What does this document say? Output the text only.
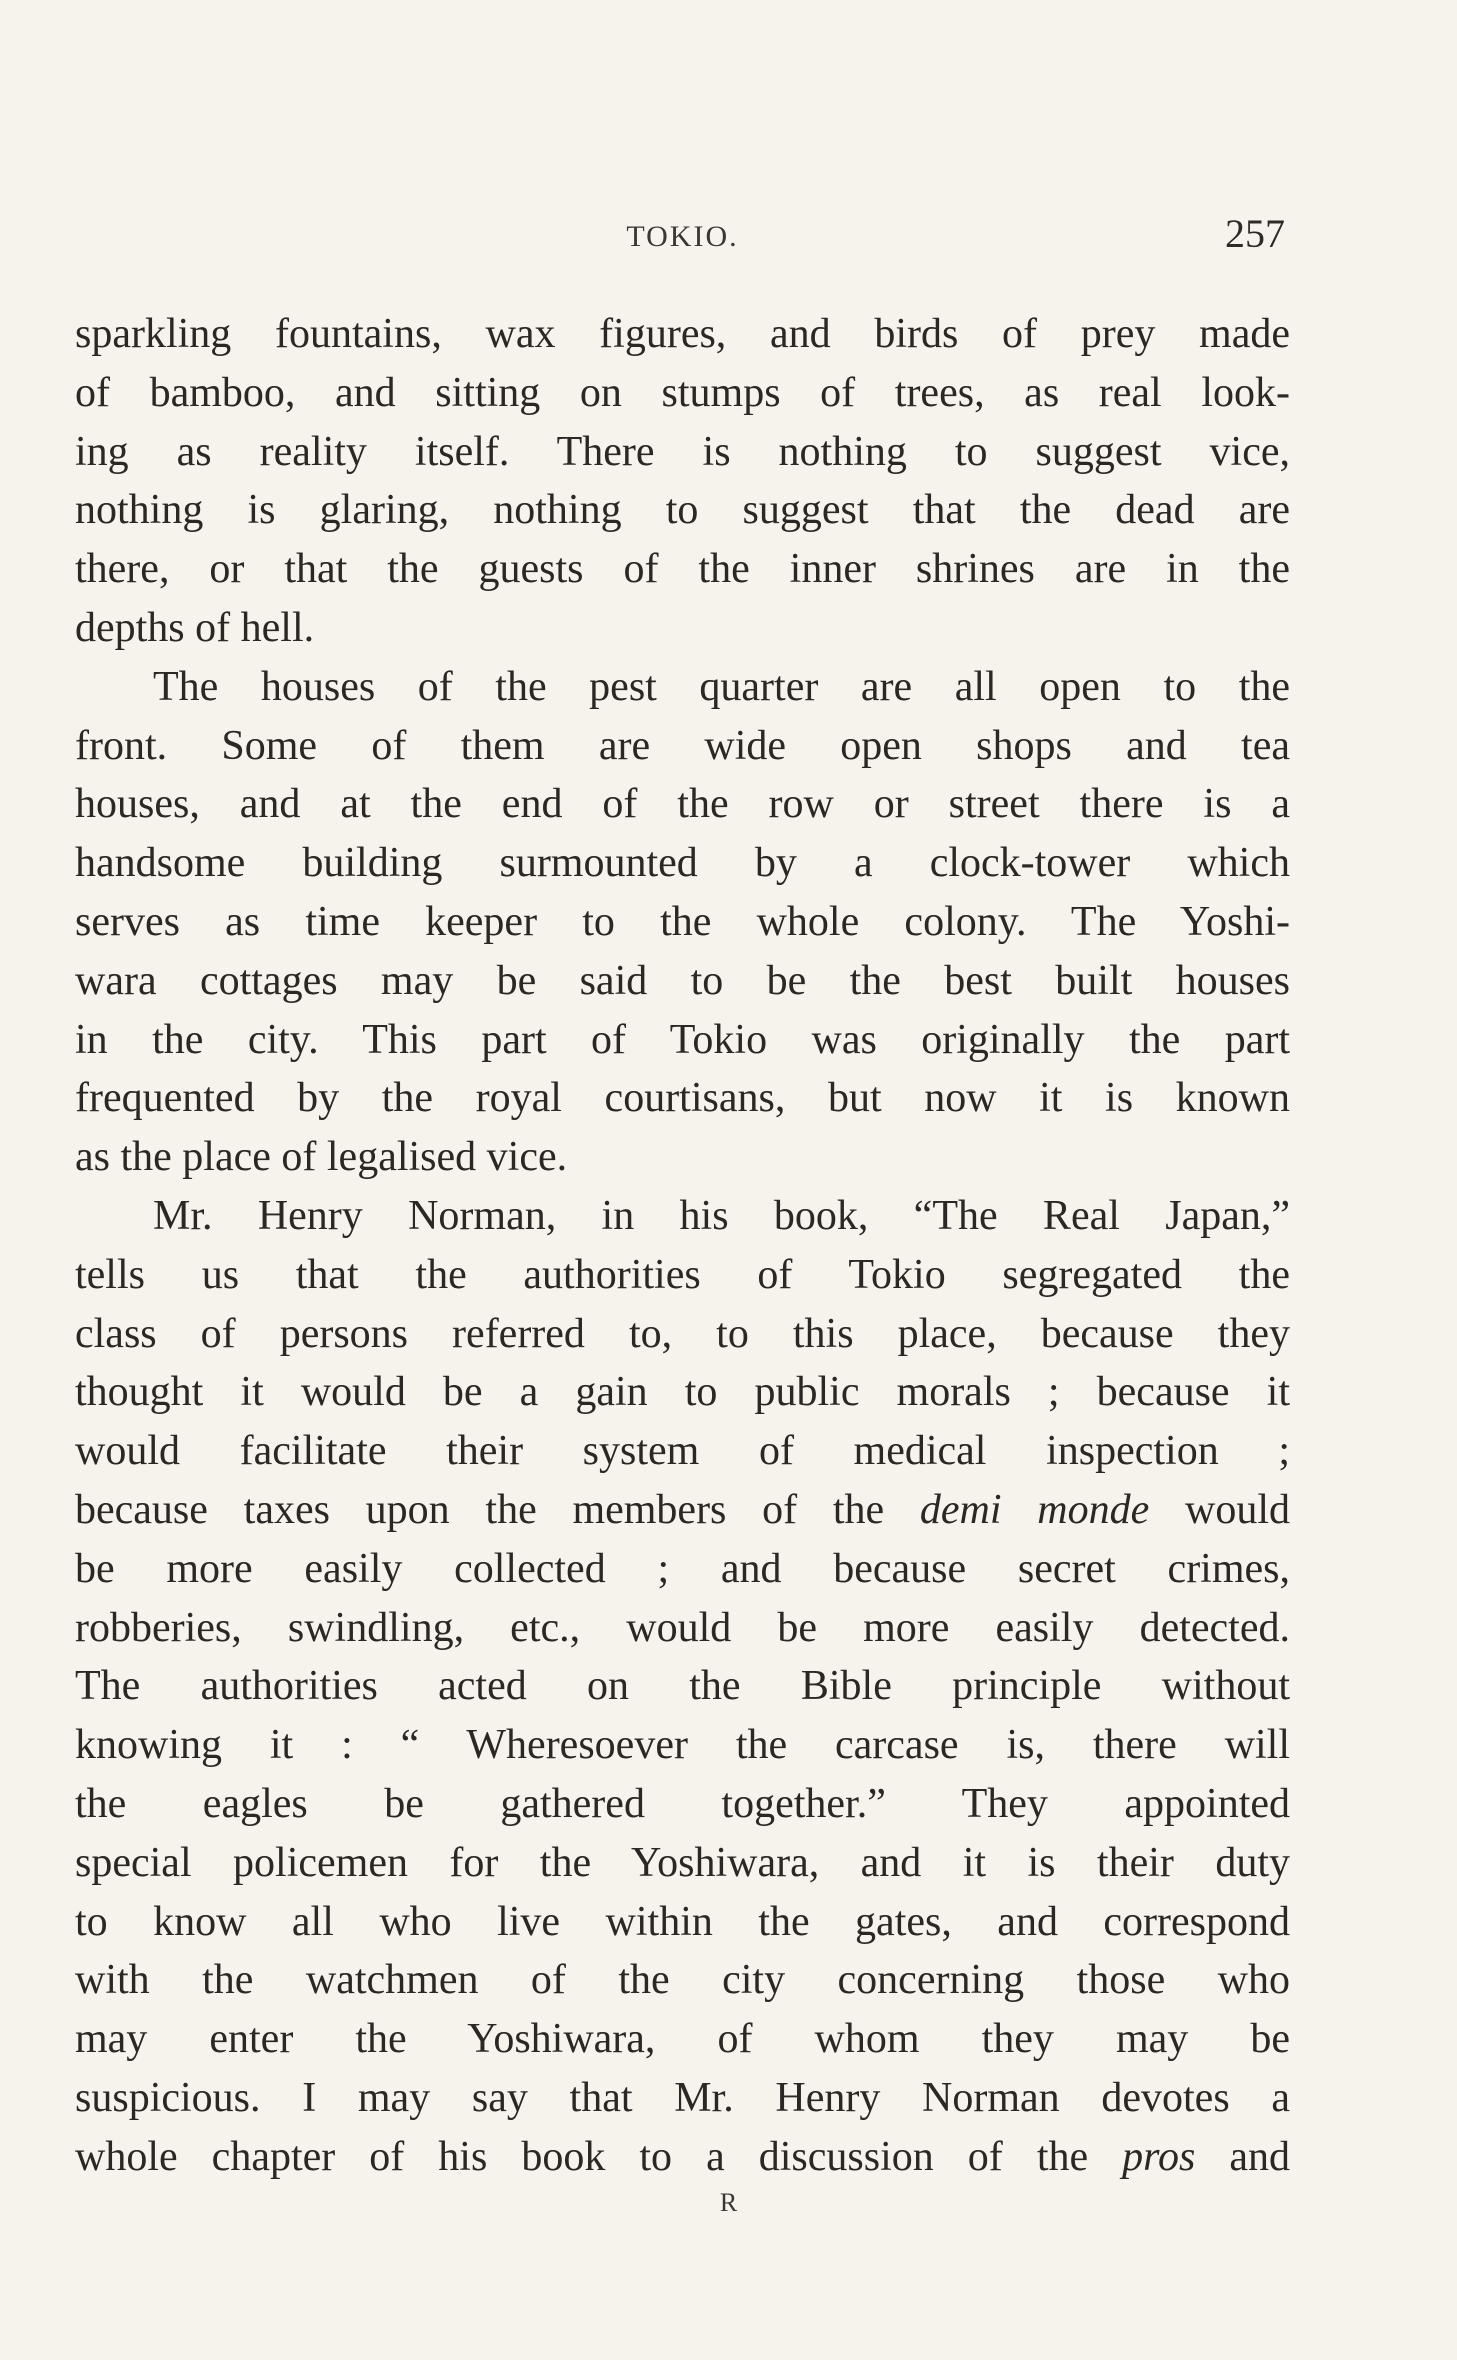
TOKIO.	257
sparkling fountains, wax figures, and birds of prey made
of bamboo, and sitting on stumps of trees, as real look-
ing as reality itself. There is nothing to suggest vice,
nothing is glaring, nothing to suggest that the dead are
there, or that the guests of the inner shrines are in the
depths of hell.
The houses of the pest quarter are all open to the
front. Some of them are wide open shops and tea
houses, and at the end of the row or street there is a
handsome building surmounted by a clock-tower which
serves as time keeper to the whole colony. The Yoshi-
wara cottages may be said to be the best built houses
in the city. This part of Tokio was originally the part
frequented by the royal courtisans, but now it is known
as the place of legalised vice.
Mr. Henry Norman, in his book, “The Real Japan,”
tells us that the authorities of Tokio segregated the
class of persons referred to, to this place, because they
thought it would be a gain to public morals ; because it
would facilitate their system of medical inspection ;
because taxes upon the members of the demi monde would
be more easily collected ; and because secret crimes,
robberies, swindling, etc., would be more easily detected.
The authorities acted on the Bible principle without
knowing it : “ Wheresoever the carcase is, there will
the eagles be gathered together.” They appointed
special policemen for the Yoshiwara, and it is their duty
to know all who live within the gates, and correspond
with the watchmen of the city concerning those who
may enter the Yoshiwara, of whom they may be
suspicious. I may say that Mr. Henry Norman devotes a
whole chapter of his book to a discussion of the pros and
R
